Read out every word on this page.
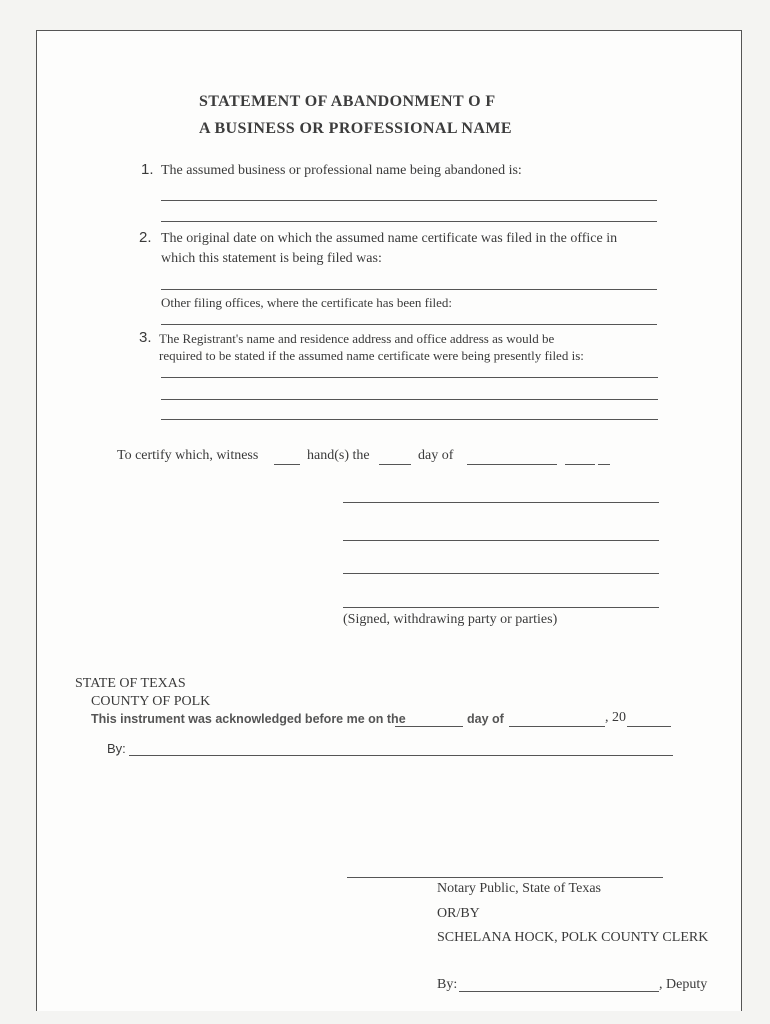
STATEMENT OF ABANDONMENT O F
A BUSINESS OR PROFESSIONAL NAME
1. The assumed business or professional name being abandoned is:
2. The original date on which the assumed name certificate was filed in the office in
which this statement is being filed was:
Other filing offices, where the certificate has been filed:
3. The Registrant's name and residence address and office address as would be
required to be stated if the assumed name certificate were being presently filed is:
To certify which, witness	hand(s) the	day of
(Signed, withdrawing party or parties)
STATE OF TEXAS
COUNTY OF POLK
This instrument was acknowledged before me on the	day of	, 20
By:
Notary Public, State of Texas
OR/BY
SCHELANA HOCK, POLK COUNTY CLERK
By:	, Deputy
